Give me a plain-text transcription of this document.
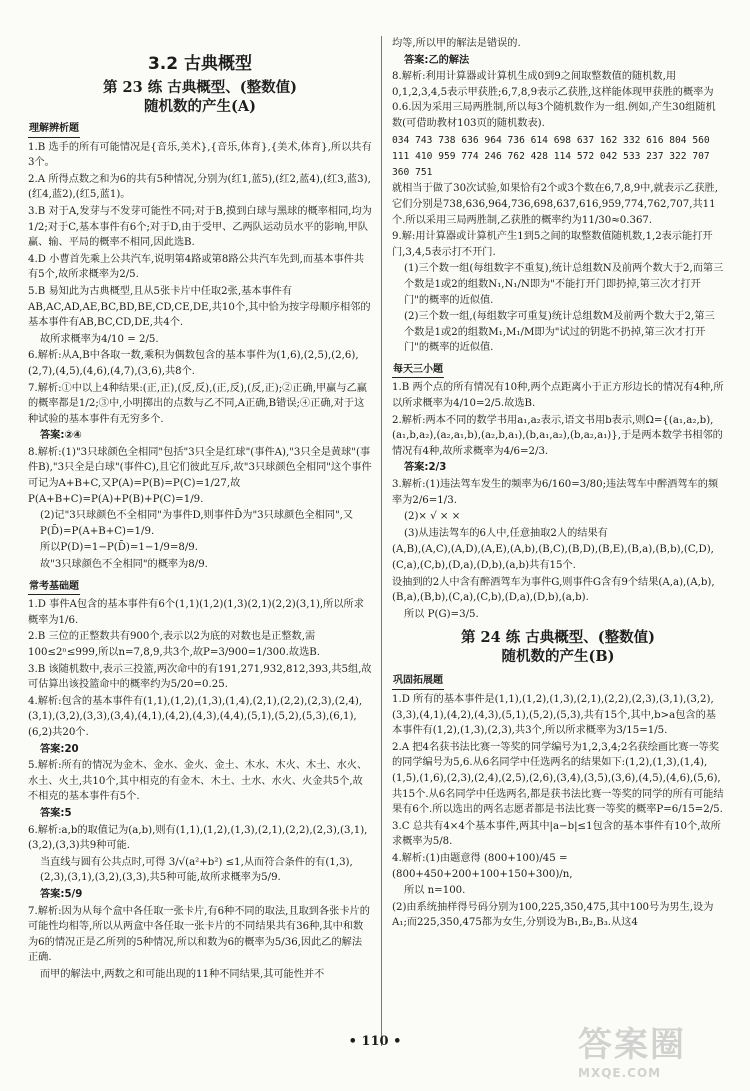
3.2 古典概型
第 23 练 古典概型、(整数值)
随机数的产生(A)
理解辨析题

1.B 选手的所有可能情况是{音乐,美术},{音乐,体育},{美术,体育},所以共有3个。

2.A 所得点数之和为6的共有5种情况,分别为(红1,蓝5),(红2,蓝4),(红3,蓝3),(红4,蓝2),(红5,蓝1)。

3.B 对于A,发芽与不发芽可能性不同;对于B,摸到白球与黑球的概率相同,均为1/2;对于C,基本事件有6个;对于D,由于受甲、乙两队运动员水平的影响,甲队赢、输、平局的概率不相同,因此选B.

4.D 小曹首先乘上公共汽车,说明第4路或第8路公共汽车先到,而基本事件共有5个,故所求概率为2/5.

5.B 易知此为古典概型,且从5张卡片中任取2张,基本事件有AB,AC,AD,AE,BC,BD,BE,CD,CE,DE,共10个,其中恰为按字母顺序相邻的基本事件有AB,BC,CD,DE,共4个.

故所求概率为4/10 = 2/5.

6.解析:从A,B中各取一数,乘积为偶数包含的基本事件为(1,6),(2,5),(2,6),(2,7),(4,5),(4,6),(4,7),(3,6),共8个.

7.解析:①中以上4种结果:(正,正),(反,反),(正,反),(反,正);②正确,甲赢与乙赢的概率都是1/2;③中,小明掷出的点数与乙不同,A正确,B错误;④正确,对于这种试验的基本事件有无穷多个.

答案:②④

8.解析:(1)"3只球颜色全相同"包括"3只全是红球"(事件A),"3只全是黄球"(事件B),"3只全是白球"(事件C),且它们彼此互斥,故"3只球颜色全相同"这个事件可记为A+B+C,又P(A)=P(B)=P(C)=1/27,故P(A+B+C)=P(A)+P(B)+P(C)=1/9.

(2)记"3只球颜色不全相同"为事件D,则事件D̄为"3只球颜色全相同",又P(D̄)=P(A+B+C)=1/9.

所以P(D)=1−P(D̄)=1−1/9=8/9.

故"3只球颜色不全相同"的概率为8/9.

常考基础题

1.D 事件A包含的基本事件有6个(1,1)(1,2)(1,3)(2,1)(2,2)(3,1),所以所求概率为1/6.

2.B 三位的正整数共有900个,表示以2为底的对数也是正整数,需100≤2ⁿ≤999,所以n=7,8,9,共3个,故P=3/900=1/300.故选B.

3.B 该随机数中,表示三投篮,两次命中的有191,271,932,812,393,共5组,故可估算出该投篮命中的概率约为5/20=0.25.

4.解析:包含的基本事件有(1,1),(1,2),(1,3),(1,4),(2,1),(2,2),(2,3),(2,4),(3,1),(3,2),(3,3),(3,4),(4,1),(4,2),(4,3),(4,4),(5,1),(5,2),(5,3),(6,1),(6,2)共20个.

答案:20

5.解析:所有的情况为金木、金水、金火、金土、木水、木火、木土、水火、水土、火土,共10个,其中相克的有金木、木土、土水、水火、火金共5个,故不相克的基本事件有5个.

答案:5

6.解析:a,b的取值记为(a,b),则有(1,1),(1,2),(1,3),(2,1),(2,2),(2,3),(3,1),(3,2),(3,3)共9种可能.

当直线与圆有公共点时,可得 3/√(a²+b²) ≤1,从而符合条件的有(1,3),(2,3),(3,1),(3,2),(3,3),共5种可能,故所求概率为5/9.

答案:5/9

7.解析:因为从每个盒中各任取一张卡片,有6种不同的取法,且取到各张卡片的可能性均相等,所以从两盒中各任取一张卡片的不同结果共有36种,其中和数为6的情况正是乙所列的5种情况,所以和数为6的概率为5/36,因此乙的解法正确.

而甲的解法中,两数之和可能出现的11种不同结果,其可能性并不

均等,所以甲的解法是错误的.

答案:乙的解法

8.解析:利用计算器或计算机生成0到9之间取整数值的随机数,用0,1,2,3,4,5表示甲获胜;6,7,8,9表示乙获胜,这样能体现甲获胜的概率为0.6.因为采用三局两胜制,所以每3个随机数作为一组.例如,产生30组随机数(可借助教材103页的随机数表).

034 743 738 636 964 736 614 698 637 162 332 616 804 560

111 410 959 774 246 762 428 114 572 042 533 237 322 707 360 751

就相当于做了30次试验,如果恰有2个或3个数在6,7,8,9中,就表示乙获胜,它们分别是738,636,964,736,698,637,616,959,774,762,707,共11个.所以采用三局两胜制,乙获胜的概率约为11/30≈0.367.

9.解:用计算器或计算机产生1到5之间的取整数值随机数,1,2表示能打开门,3,4,5表示打不开门.

(1)三个数一组(每组数字不重复),统计总组数N及前两个数大于2,而第三个数是1或2的组数N₁,N₁/N即为"不能打开门即扔掉,第三次才打开门"的概率的近似值.

(2)三个数一组,(每组数字可重复)统计总组数M及前两个数大于2,第三个数是1或2的组数M₁,M₁/M即为"试过的钥匙不扔掉,第三次才打开门"的概率的近似值.

每天三小题

1.B 两个点的所有情况有10种,两个点距离小于正方形边长的情况有4种,所以所求概率为4/10=2/5.故选B.

2.解析:两本不同的数学书用a₁,a₂表示,语文书用b表示,则Ω={(a₁,a₂,b),(a₁,b,a₂),(a₂,a₁,b),(a₂,b,a₁),(b,a₁,a₂),(b,a₂,a₁)},于是两本数学书相邻的情况有4种,故所求概率为4/6=2/3.

答案:2/3

3.解析:(1)违法驾车发生的频率为6/160=3/80;违法驾车中醉酒驾车的频率为2/6=1/3.

(2)× √ × ×

(3)从违法驾车的6人中,任意抽取2人的结果有

(A,B),(A,C),(A,D),(A,E),(A,b),(B,C),(B,D),(B,E),(B,a),(B,b),(C,D),(C,a),(C,b),(D,a),(D,b),(a,b)共有15个.

设抽到的2人中含有醉酒驾车为事件G,则事件G含有9个结果(A,a),(A,b),(B,a),(B,b),(C,a),(C,b),(D,a),(D,b),(a,b).

所以 P(G)=3/5.

第 24 练 古典概型、(整数值)
随机数的产生(B)
巩固拓展题

1.D 所有的基本事件是(1,1),(1,2),(1,3),(2,1),(2,2),(2,3),(3,1),(3,2),(3,3),(4,1),(4,2),(4,3),(5,1),(5,2),(5,3),共有15个,其中,b>a包含的基本事件有(1,2),(1,3),(2,3),共3个,所以所求概率为3/15=1/5.

2.A 把4名获书法比赛一等奖的同学编号为1,2,3,4;2名获绘画比赛一等奖的同学编号为5,6.从6名同学中任选两名的结果如下:(1,2),(1,3),(1,4),(1,5),(1,6),(2,3),(2,4),(2,5),(2,6),(3,4),(3,5),(3,6),(4,5),(4,6),(5,6),共15个.从6名同学中任选两名,都是获书法比赛一等奖的同学的所有可能结果有6个.所以选出的两名志愿者都是书法比赛一等奖的概率P=6/15=2/5.

3.C 总共有4×4个基本事件,两其中|a−b|≤1包含的基本事件有10个,故所求概率为5/8.

4.解析:(1)由题意得 (800+100)/45 = (800+450+200+100+150+300)/n,

所以 n=100.

(2)由系统抽样得号码分别为100,225,350,475,其中100号为男生,设为A₁;而225,350,475都为女生,分别设为B₁,B₂,B₃.从这4

• 110 •	答案圈
MXQE.COM
